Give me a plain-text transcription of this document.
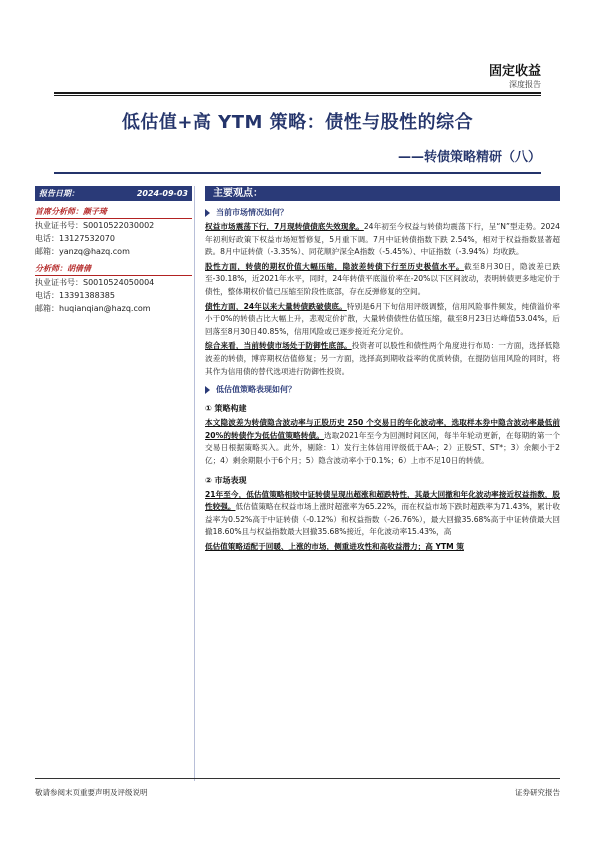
固定收益
深度报告
低估值+高 YTM 策略：债性与股性的综合
——转债策略精研（八）
报告日期：	2024-09-03
首席分析师：颜子琦
执业证书号：S0010522030002
电话：13127532070
邮箱：yanzq@hazq.com
分析师：胡倩倩
执业证书号：S0010524050004
电话：13391388385
邮箱：huqianqian@hazq.com
主要观点：
当前市场情况如何？
权益市场震荡下行，7月现转债债底失效现象。24年初至今权益与转债均震荡下行，呈“N”型走势。2024年初利好政策下权益市场短暂修复，5月重下调。7月中证转债指数下跌 2.54%，相对于权益指数显著超跌。8月中证转债（-3.35%）、同花顺沪深全A指数（-5.45%）、中证指数（-3.94%）均收跌。
股性方面，转债的期权价值大幅压缩，隐波差转债下行至历史极值水平。截至8月30日，隐波差已跌至-30.18%，近2021年水平，同时，24年转债平底溢价率在-20%以下区间波动，表明转债更多地定价于债性，整体期权价值已压缩至阶段性底部，存在反弹修复的空间。
债性方面，24年以来大量转债跌破债底。特别是6月下旬信用评级调整，信用风险事件频发，纯债溢价率小于0%的转债占比大幅上升，悲观定价扩散，大量转债债性估值压缩，截至8月23日达峰值53.04%，后回落至8月30日40.85%，信用风险或已逐步接近充分定价。
综合来看，当前转债市场处于防御性底部。投资者可以股性和债性两个角度进行布局：一方面，选择低隐波差的转债，博弈期权估值修复；另一方面，选择高到期收益率的优质转债，在提防信用风险的同时，将其作为信用债的替代选项进行防御性投资。
低估值策略表现如何？
① 策略构建
本文隐波差为转债隐含波动率与正股历史 250 个交易日的年化波动率，选取样本券中隐含波动率最低前 20%的转债作为低估值策略转债。选取2021年至今为回测时间区间，每半年轮动更新，在每期的第一个交易日根据策略买入。此外，剔除：1）发行主体信用评级低于AA-；2）正股ST、ST*；3）余额小于2亿；4）剩余期限小于6个月；5）隐含波动率小于0.1%；6）上市不足10日的转债。
② 市场表现
21年至今，低估值策略相较中证转债呈现出超涨和超跌特性，其最大回撤和年化波动率接近权益指数，股性较强。低估值策略在权益市场上涨时超涨率为65.22%，而在权益市场下跌时超跌率为71.43%，累计收益率为0.52%高于中证转债（-0.12%）和权益指数（-26.76%），最大回撤35.68%高于中证转债最大回撤18.60%且与权益指数最大回撤35.68%接近，年化波动率15.43%，高
低估值策略适配于回暖、上涨的市场，侧重进攻性和高收益潜力；高 YTM 策
敬请参阅末页重要声明及评级说明	证券研究报告
